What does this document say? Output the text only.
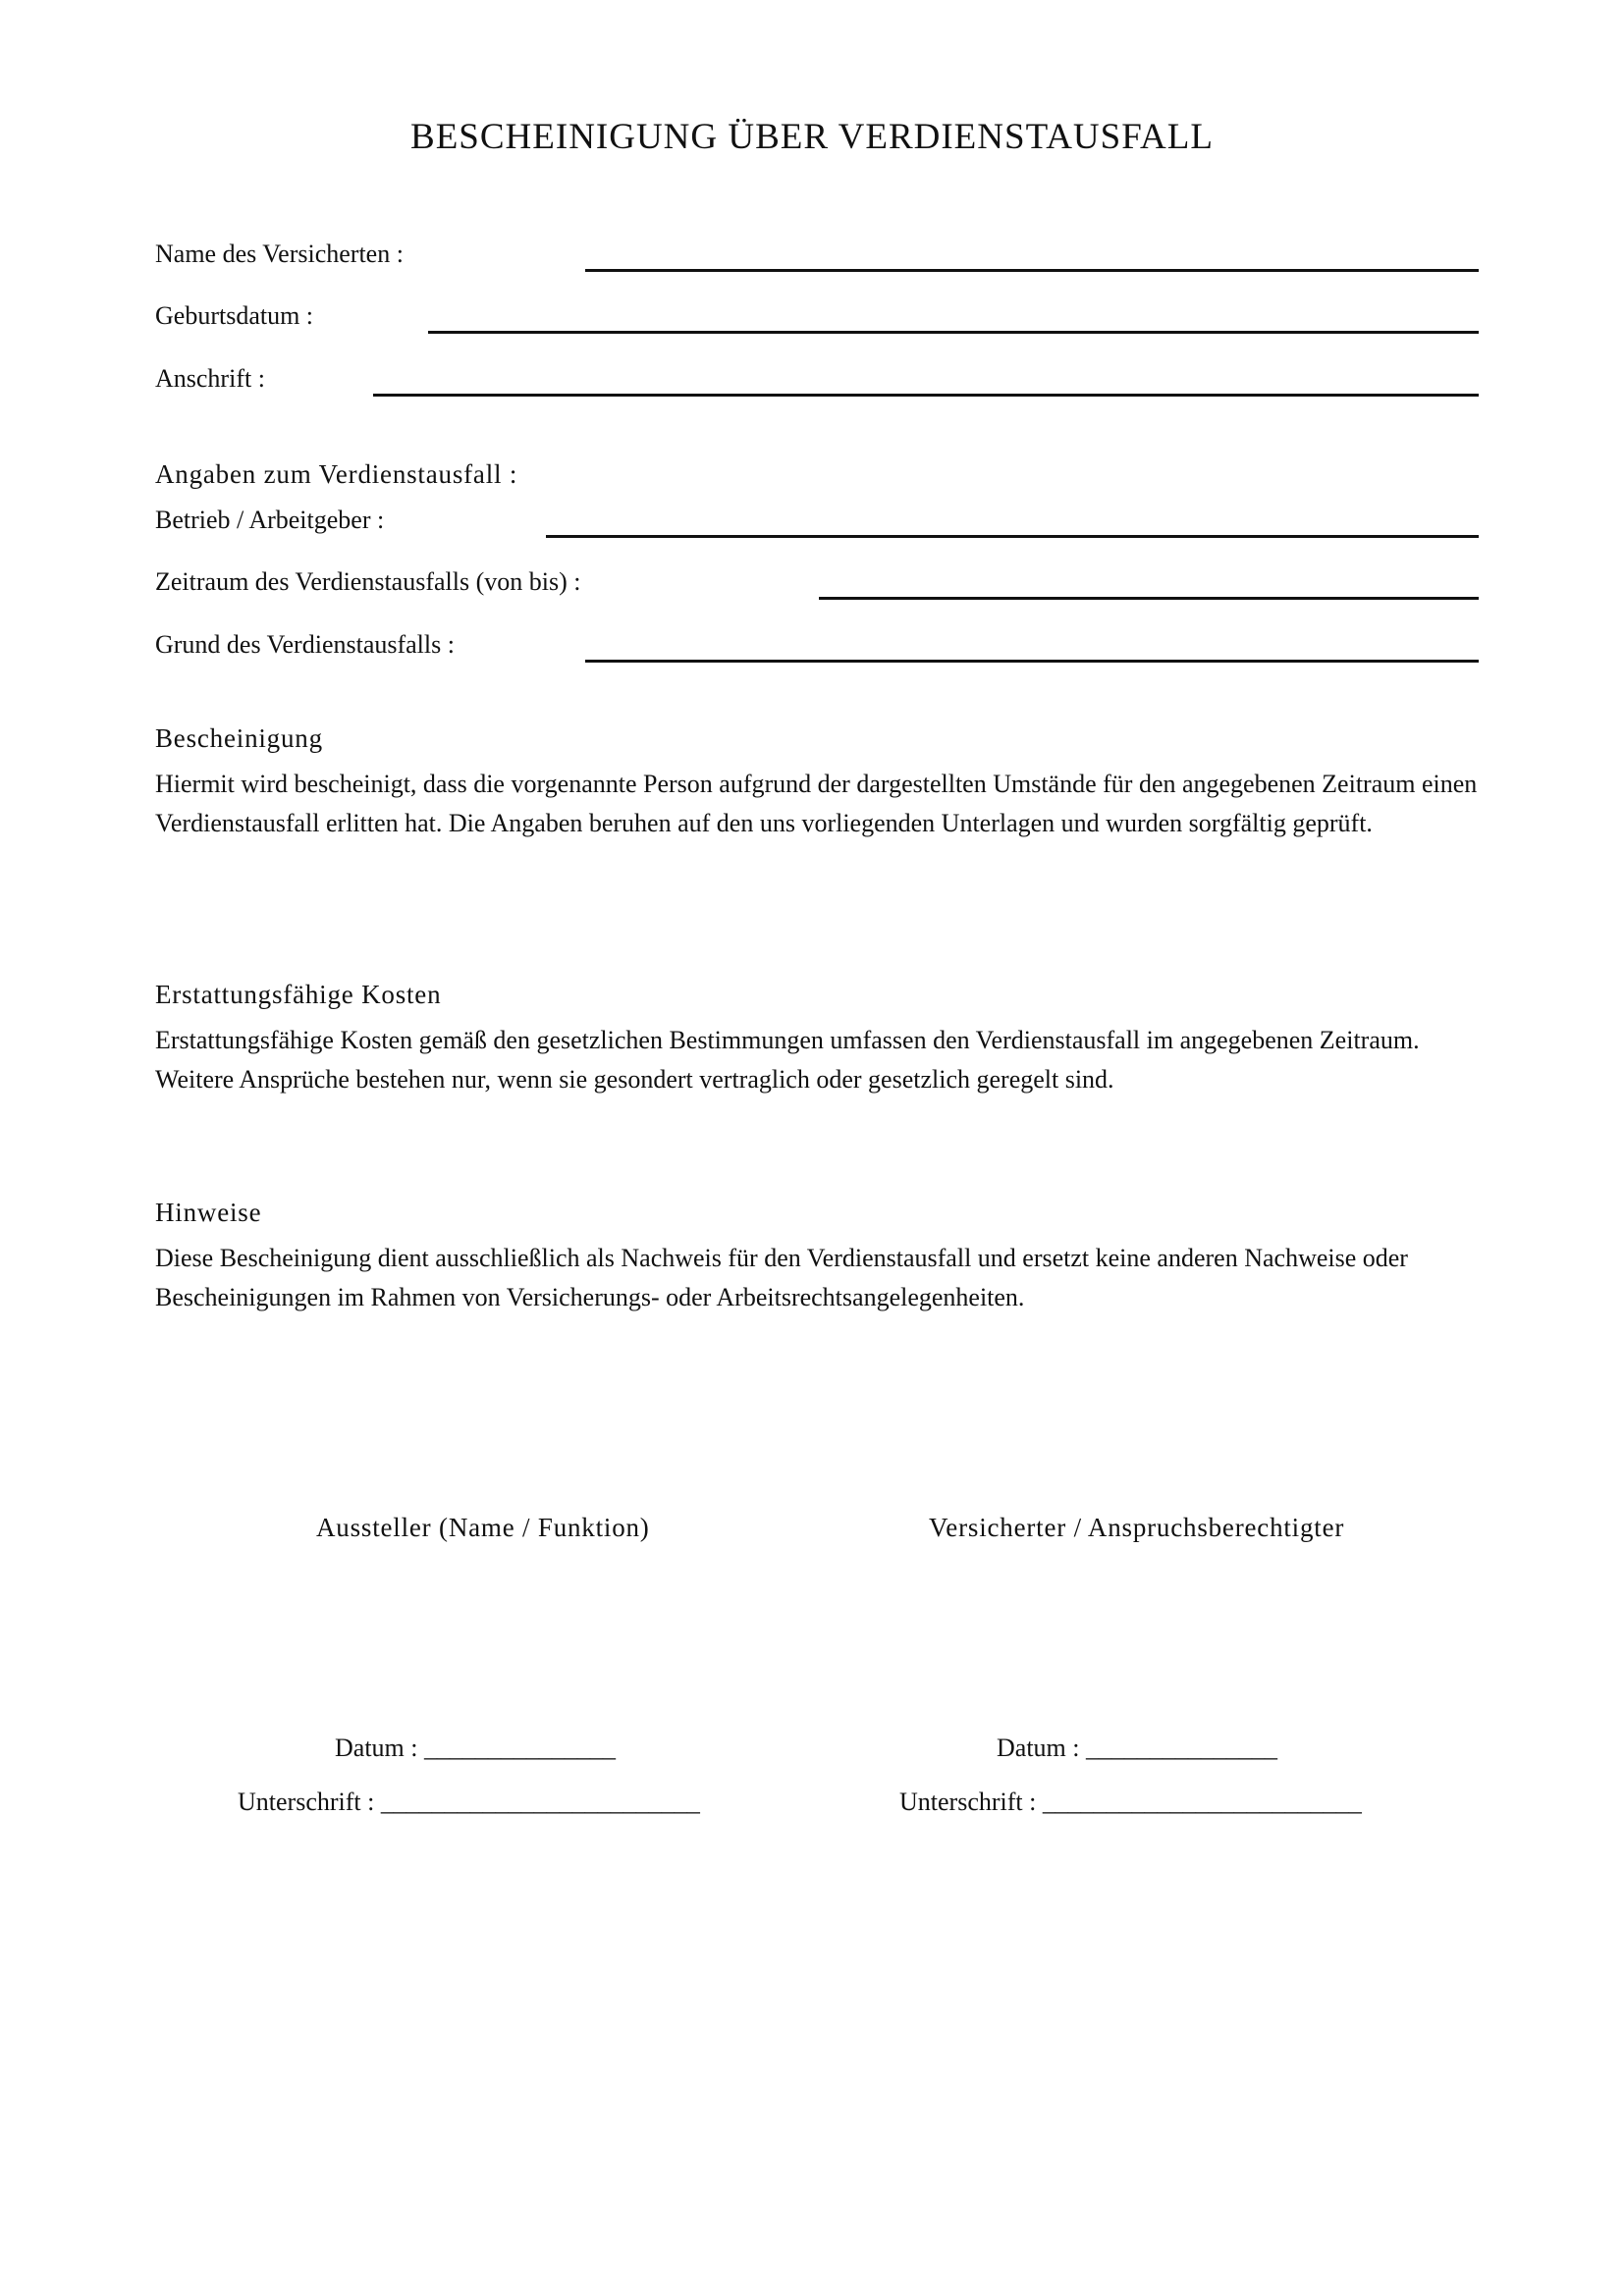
BESCHEINIGUNG ÜBER VERDIENSTAUSFALL
Name des Versicherten :
Geburtsdatum :
Anschrift :
Angaben zum Verdienstausfall :
Betrieb / Arbeitgeber :
Zeitraum des Verdienstausfalls (von bis) :
Grund des Verdienstausfalls :
Bescheinigung
Hiermit wird bescheinigt, dass die vorgenannte Person aufgrund der dargestellten Umstände für den angegebenen Zeitraum einen Verdienstausfall erlitten hat. Die Angaben beruhen auf den uns vorliegenden Unterlagen und wurden sorgfältig geprüft.
Erstattungsfähige Kosten
Erstattungsfähige Kosten gemäß den gesetzlichen Bestimmungen umfassen den Verdienstausfall im angegebenen Zeitraum. Weitere Ansprüche bestehen nur, wenn sie gesondert vertraglich oder gesetzlich geregelt sind.
Hinweise
Diese Bescheinigung dient ausschließlich als Nachweis für den Verdienstausfall und ersetzt keine anderen Nachweise oder Bescheinigungen im Rahmen von Versicherungs- oder Arbeitsrechtsangelegenheiten.
Aussteller (Name / Funktion)	Versicherter / Anspruchsberechtigter
Datum : _______________
Unterschrift : _________________________
Datum : _______________
Unterschrift : _________________________
